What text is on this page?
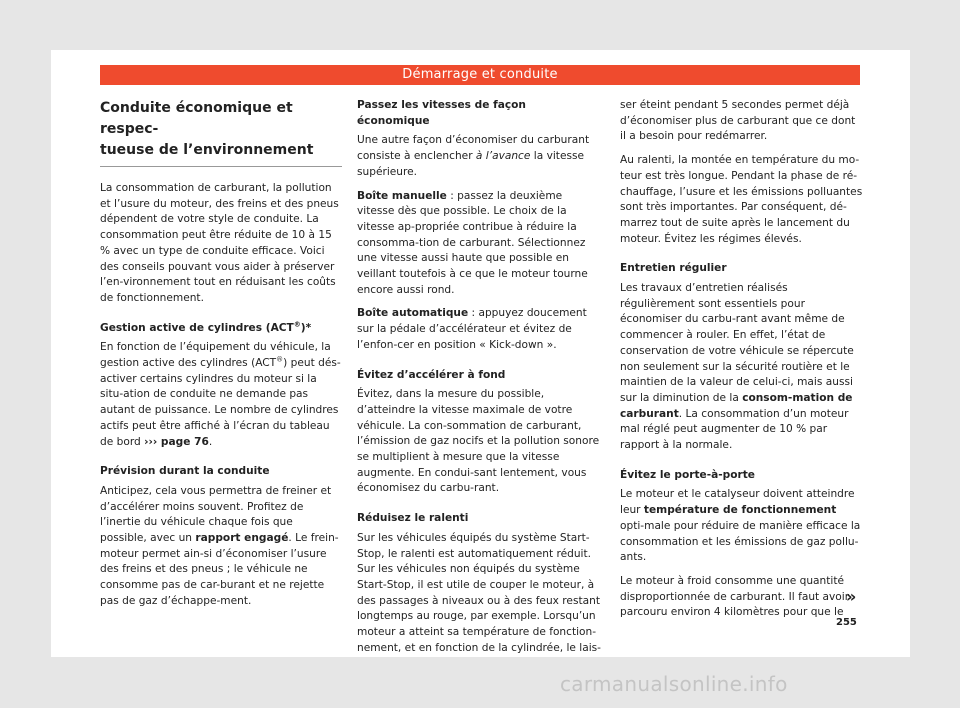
Démarrage et conduite
Conduite économique et respec-
tueuse de l’environnement

La consommation de carburant, la pollution et l’usure du moteur, des freins et des pneus dépendent de votre style de conduite. La consommation peut être réduite de 10 à 15 % avec un type de conduite efficace. Voici des conseils pouvant vous aider à préserver l’en-vironnement tout en réduisant les coûts de fonctionnement.

Gestion active de cylindres (ACT®)*

En fonction de l’équipement du véhicule, la gestion active des cylindres (ACT®) peut dés-activer certains cylindres du moteur si la situ-ation de conduite ne demande pas autant de puissance. Le nombre de cylindres actifs peut être affiché à l’écran du tableau de bord ››› page 76.

Prévision durant la conduite

Anticipez, cela vous permettra de freiner et d’accélérer moins souvent. Profitez de l’inertie du véhicule chaque fois que possible, avec un rapport engagé. Le frein-moteur permet ain-si d’économiser l’usure des freins et des pneus ; le véhicule ne consomme pas de car-burant et ne rejette pas de gaz d’échappe-ment.

Passez les vitesses de façon économique

Une autre façon d’économiser du carburant consiste à enclencher à l’avance la vitesse supérieure.

Boîte manuelle : passez la deuxième vitesse dès que possible. Le choix de la vitesse ap-propriée contribue à réduire la consomma-tion de carburant. Sélectionnez une vitesse aussi haute que possible en veillant toutefois à ce que le moteur tourne encore aussi rond.

Boîte automatique : appuyez doucement sur la pédale d’accélérateur et évitez de l’enfon-cer en position « Kick-down ».

Évitez d’accélérer à fond

Évitez, dans la mesure du possible, d’atteindre la vitesse maximale de votre véhicule. La con-sommation de carburant, l’émission de gaz nocifs et la pollution sonore se multiplient à mesure que la vitesse augmente. En condui-sant lentement, vous économisez du carbu-rant.

Réduisez le ralenti

Sur les véhicules équipés du système Start-Stop, le ralenti est automatiquement réduit. Sur les véhicules non équipés du système Start-Stop, il est utile de couper le moteur, à des passages à niveaux ou à des feux restant longtemps au rouge, par exemple. Lorsqu’un moteur a atteint sa température de fonction-nement, et en fonction de la cylindrée, le lais-

ser éteint pendant 5 secondes permet déjà d’économiser plus de carburant que ce dont il a besoin pour redémarrer.

Au ralenti, la montée en température du mo-teur est très longue. Pendant la phase de ré-chauffage, l’usure et les émissions polluantes sont très importantes. Par conséquent, dé-marrez tout de suite après le lancement du moteur. Évitez les régimes élevés.

Entretien régulier

Les travaux d’entretien réalisés régulièrement sont essentiels pour économiser du carbu-rant avant même de commencer à rouler. En effet, l’état de conservation de votre véhicule se répercute non seulement sur la sécurité routière et le maintien de la valeur de celui-ci, mais aussi sur la diminution de la consom-mation de carburant. La consommation d’un moteur mal réglé peut augmenter de 10 % par rapport à la normale.

Évitez le porte-à-porte

Le moteur et le catalyseur doivent atteindre leur température de fonctionnement opti-male pour réduire de manière efficace la consommation et les émissions de gaz pollu-ants.

Le moteur à froid consomme une quantité disproportionnée de carburant. Il faut avoir parcouru environ 4 kilomètres pour que le

»
255
carmanualsonline.info
